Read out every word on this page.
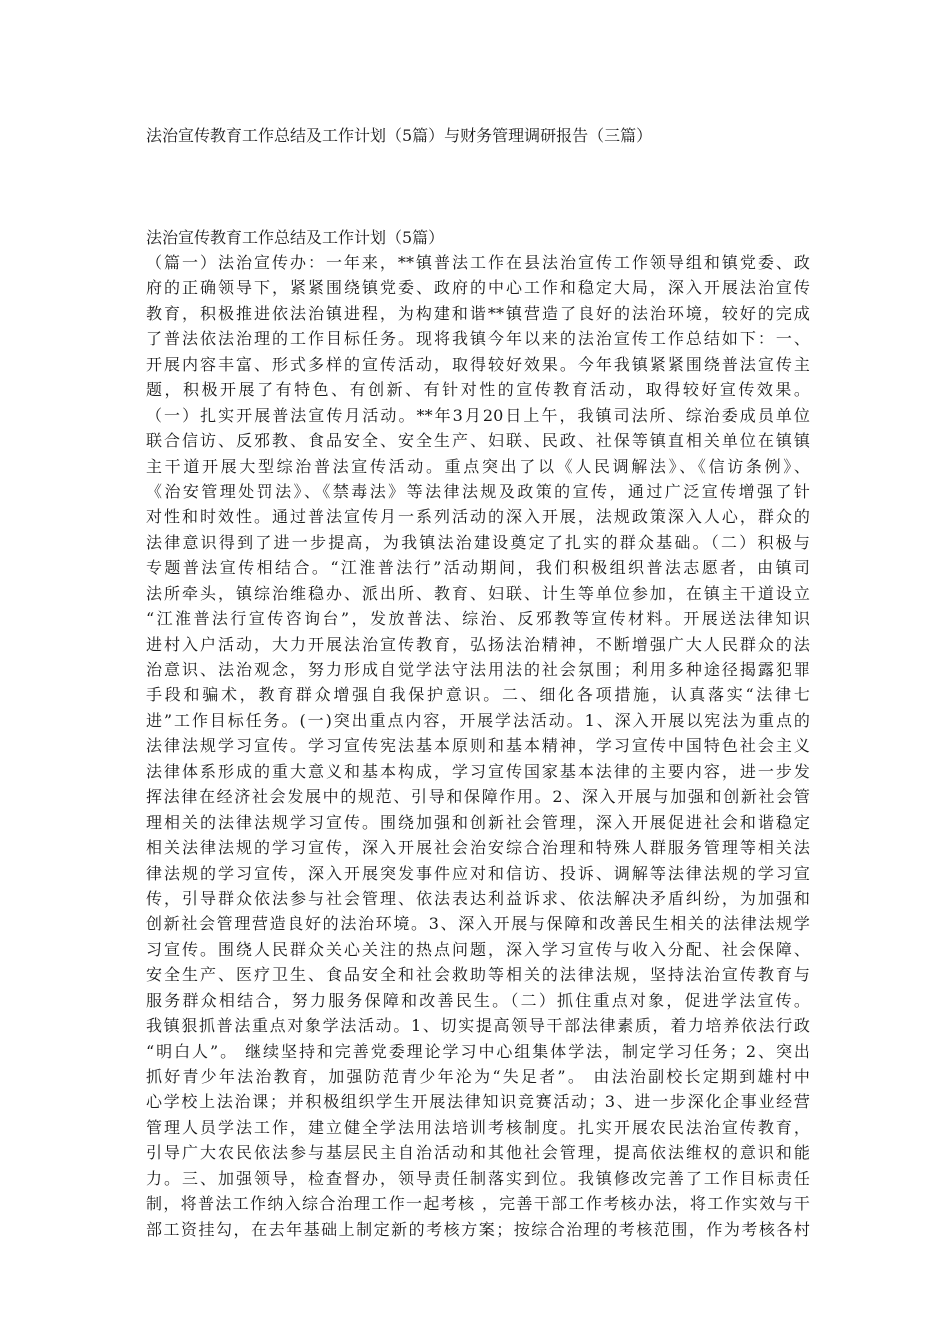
法治宣传教育工作总结及工作计划（5篇）与财务管理调研报告（三篇）
法治宣传教育工作总结及工作计划（5篇）
（篇一）法治宣传办：一年来，**镇普法工作在县法治宣传工作领导组和镇党委、政
府的正确领导下，紧紧围绕镇党委、政府的中心工作和稳定大局，深入开展法治宣传
教育，积极推进依法治镇进程，为构建和谐**镇营造了良好的法治环境，较好的完成
了普法依法治理的工作目标任务。现将我镇今年以来的法治宣传工作总结如下：一、
开展内容丰富、形式多样的宣传活动，取得较好效果。今年我镇紧紧围绕普法宣传主
题，积极开展了有特色、有创新、有针对性的宣传教育活动，取得较好宣传效果。
（一）扎实开展普法宣传月活动。**年3月20日上午，我镇司法所、综治委成员单位
联合信访、反邪教、食品安全、安全生产、妇联、民政、社保等镇直相关单位在镇镇
主干道开展大型综治普法宣传活动。重点突出了以《人民调解法》、《信访条例》、
《治安管理处罚法》、《禁毒法》等法律法规及政策的宣传，通过广泛宣传增强了针
对性和时效性。通过普法宣传月一系列活动的深入开展，法规政策深入人心，群众的
法律意识得到了进一步提高，为我镇法治建设奠定了扎实的群众基础。（二）积极与
专题普法宣传相结合。“江淮普法行”活动期间，我们积极组织普法志愿者，由镇司
法所牵头，镇综治维稳办、派出所、教育、妇联、计生等单位参加，在镇主干道设立
“江淮普法行宣传咨询台”，发放普法、综治、反邪教等宣传材料。开展送法律知识
进村入户活动，大力开展法治宣传教育，弘扬法治精神，不断增强广大人民群众的法
治意识、法治观念，努力形成自觉学法守法用法的社会氛围；利用多种途径揭露犯罪
手段和骗术，教育群众增强自我保护意识。二、细化各项措施，认真落实“法律七
进”工作目标任务。(一)突出重点内容，开展学法活动。1、深入开展以宪法为重点的
法律法规学习宣传。学习宣传宪法基本原则和基本精神，学习宣传中国特色社会主义
法律体系形成的重大意义和基本构成，学习宣传国家基本法律的主要内容，进一步发
挥法律在经济社会发展中的规范、引导和保障作用。2、深入开展与加强和创新社会管
理相关的法律法规学习宣传。围绕加强和创新社会管理，深入开展促进社会和谐稳定
相关法律法规的学习宣传，深入开展社会治安综合治理和特殊人群服务管理等相关法
律法规的学习宣传，深入开展突发事件应对和信访、投诉、调解等法律法规的学习宣
传，引导群众依法参与社会管理、依法表达利益诉求、依法解决矛盾纠纷，为加强和
创新社会管理营造良好的法治环境。3、深入开展与保障和改善民生相关的法律法规学
习宣传。围绕人民群众关心关注的热点问题，深入学习宣传与收入分配、社会保障、
安全生产、医疗卫生、食品安全和社会救助等相关的法律法规，坚持法治宣传教育与
服务群众相结合，努力服务保障和改善民生。（二）抓住重点对象，促进学法宣传。
我镇狠抓普法重点对象学法活动。1、切实提高领导干部法律素质，着力培养依法行政
“明白人”。 继续坚持和完善党委理论学习中心组集体学法，制定学习任务；2、突出
抓好青少年法治教育，加强防范青少年沦为“失足者”。 由法治副校长定期到雄村中
心学校上法治课；并积极组织学生开展法律知识竞赛活动；3、进一步深化企事业经营
管理人员学法工作，建立健全学法用法培训考核制度。扎实开展农民法治宣传教育，
引导广大农民依法参与基层民主自治活动和其他社会管理，提高依法维权的意识和能
力。三、加强领导，检查督办，领导责任制落实到位。我镇修改完善了工作目标责任
制，将普法工作纳入综合治理工作一起考核 ，完善干部工作考核办法，将工作实效与干
部工资挂勾，在去年基础上制定新的考核方案；按综合治理的考核范围，作为考核各村
